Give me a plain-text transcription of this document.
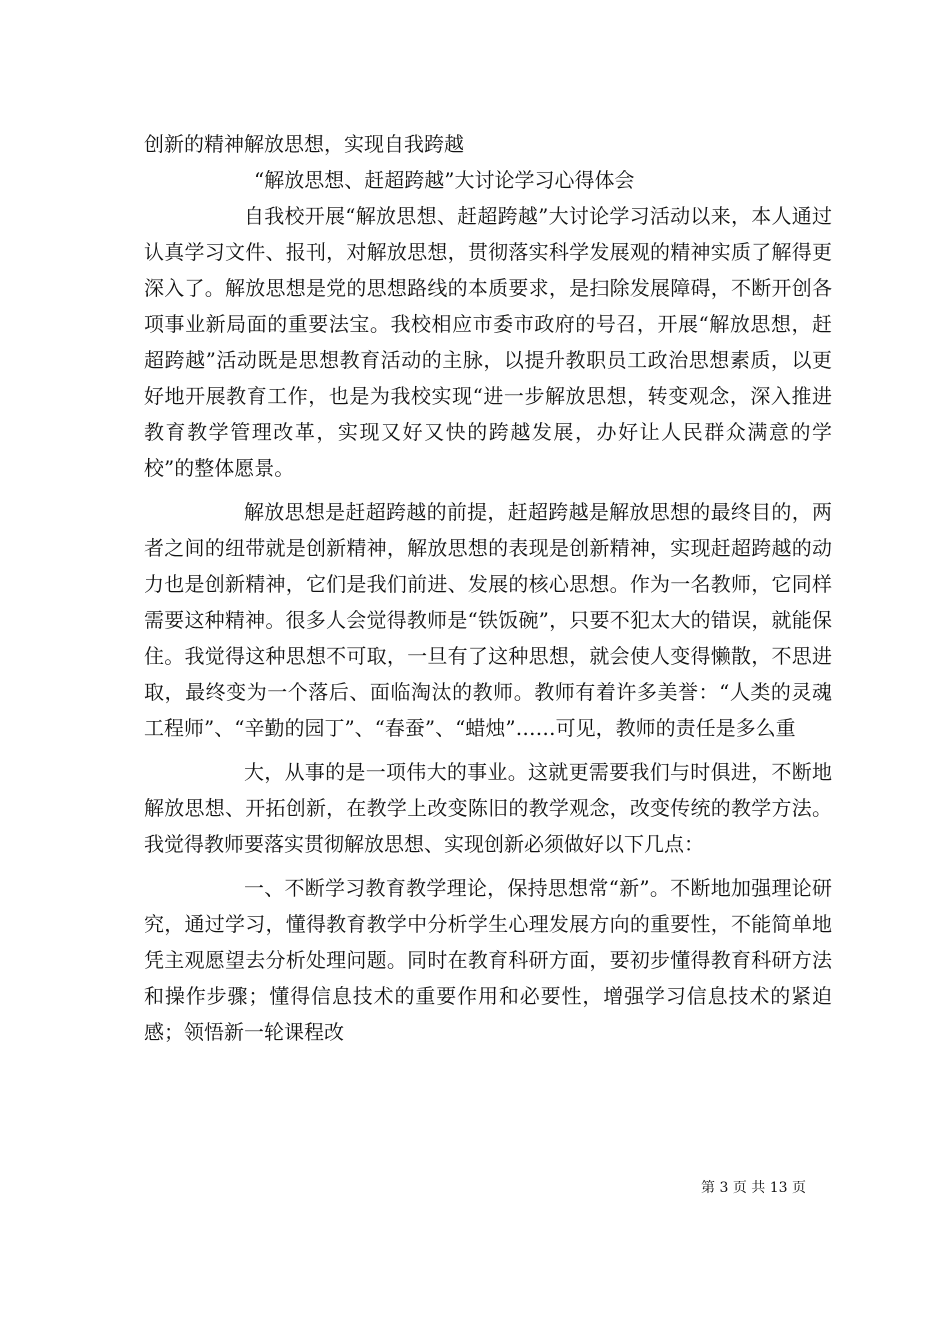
创新的精神解放思想，实现自我跨越

“解放思想、赶超跨越”大讨论学习心得体会

自我校开展“解放思想、赶超跨越”大讨论学习活动以来，本人通过认真学习文件、报刊，对解放思想，贯彻落实科学发展观的精神实质了解得更深入了。解放思想是党的思想路线的本质要求，是扫除发展障碍，不断开创各项事业新局面的重要法宝。我校相应市委市政府的号召，开展“解放思想，赶超跨越”活动既是思想教育活动的主脉，以提升教职员工政治思想素质，以更好地开展教育工作，也是为我校实现“进一步解放思想，转变观念，深入推进教育教学管理改革，实现又好又快的跨越发展，办好让人民群众满意的学校”的整体愿景。

解放思想是赶超跨越的前提，赶超跨越是解放思想的最终目的，两者之间的纽带就是创新精神，解放思想的表现是创新精神，实现赶超跨越的动力也是创新精神，它们是我们前进、发展的核心思想。作为一名教师，它同样需要这种精神。很多人会觉得教师是“铁饭碗”，只要不犯太大的错误，就能保住。我觉得这种思想不可取，一旦有了这种思想，就会使人变得懒散，不思进取，最终变为一个落后、面临淘汰的教师。教师有着许多美誉：“人类的灵魂工程师”、“辛勤的园丁”、“春蚕”、“蜡烛”……可见，教师的责任是多么重

大，从事的是一项伟大的事业。这就更需要我们与时俱进，不断地解放思想、开拓创新，在教学上改变陈旧的教学观念，改变传统的教学方法。我觉得教师要落实贯彻解放思想、实现创新必须做好以下几点：

一、不断学习教育教学理论，保持思想常“新”。不断地加强理论研究，通过学习，懂得教育教学中分析学生心理发展方向的重要性，不能简单地凭主观愿望去分析处理问题。同时在教育科研方面，要初步懂得教育科研方法和操作步骤；懂得信息技术的重要作用和必要性，增强学习信息技术的紧迫感；领悟新一轮课程改

第 3 页 共 13 页
